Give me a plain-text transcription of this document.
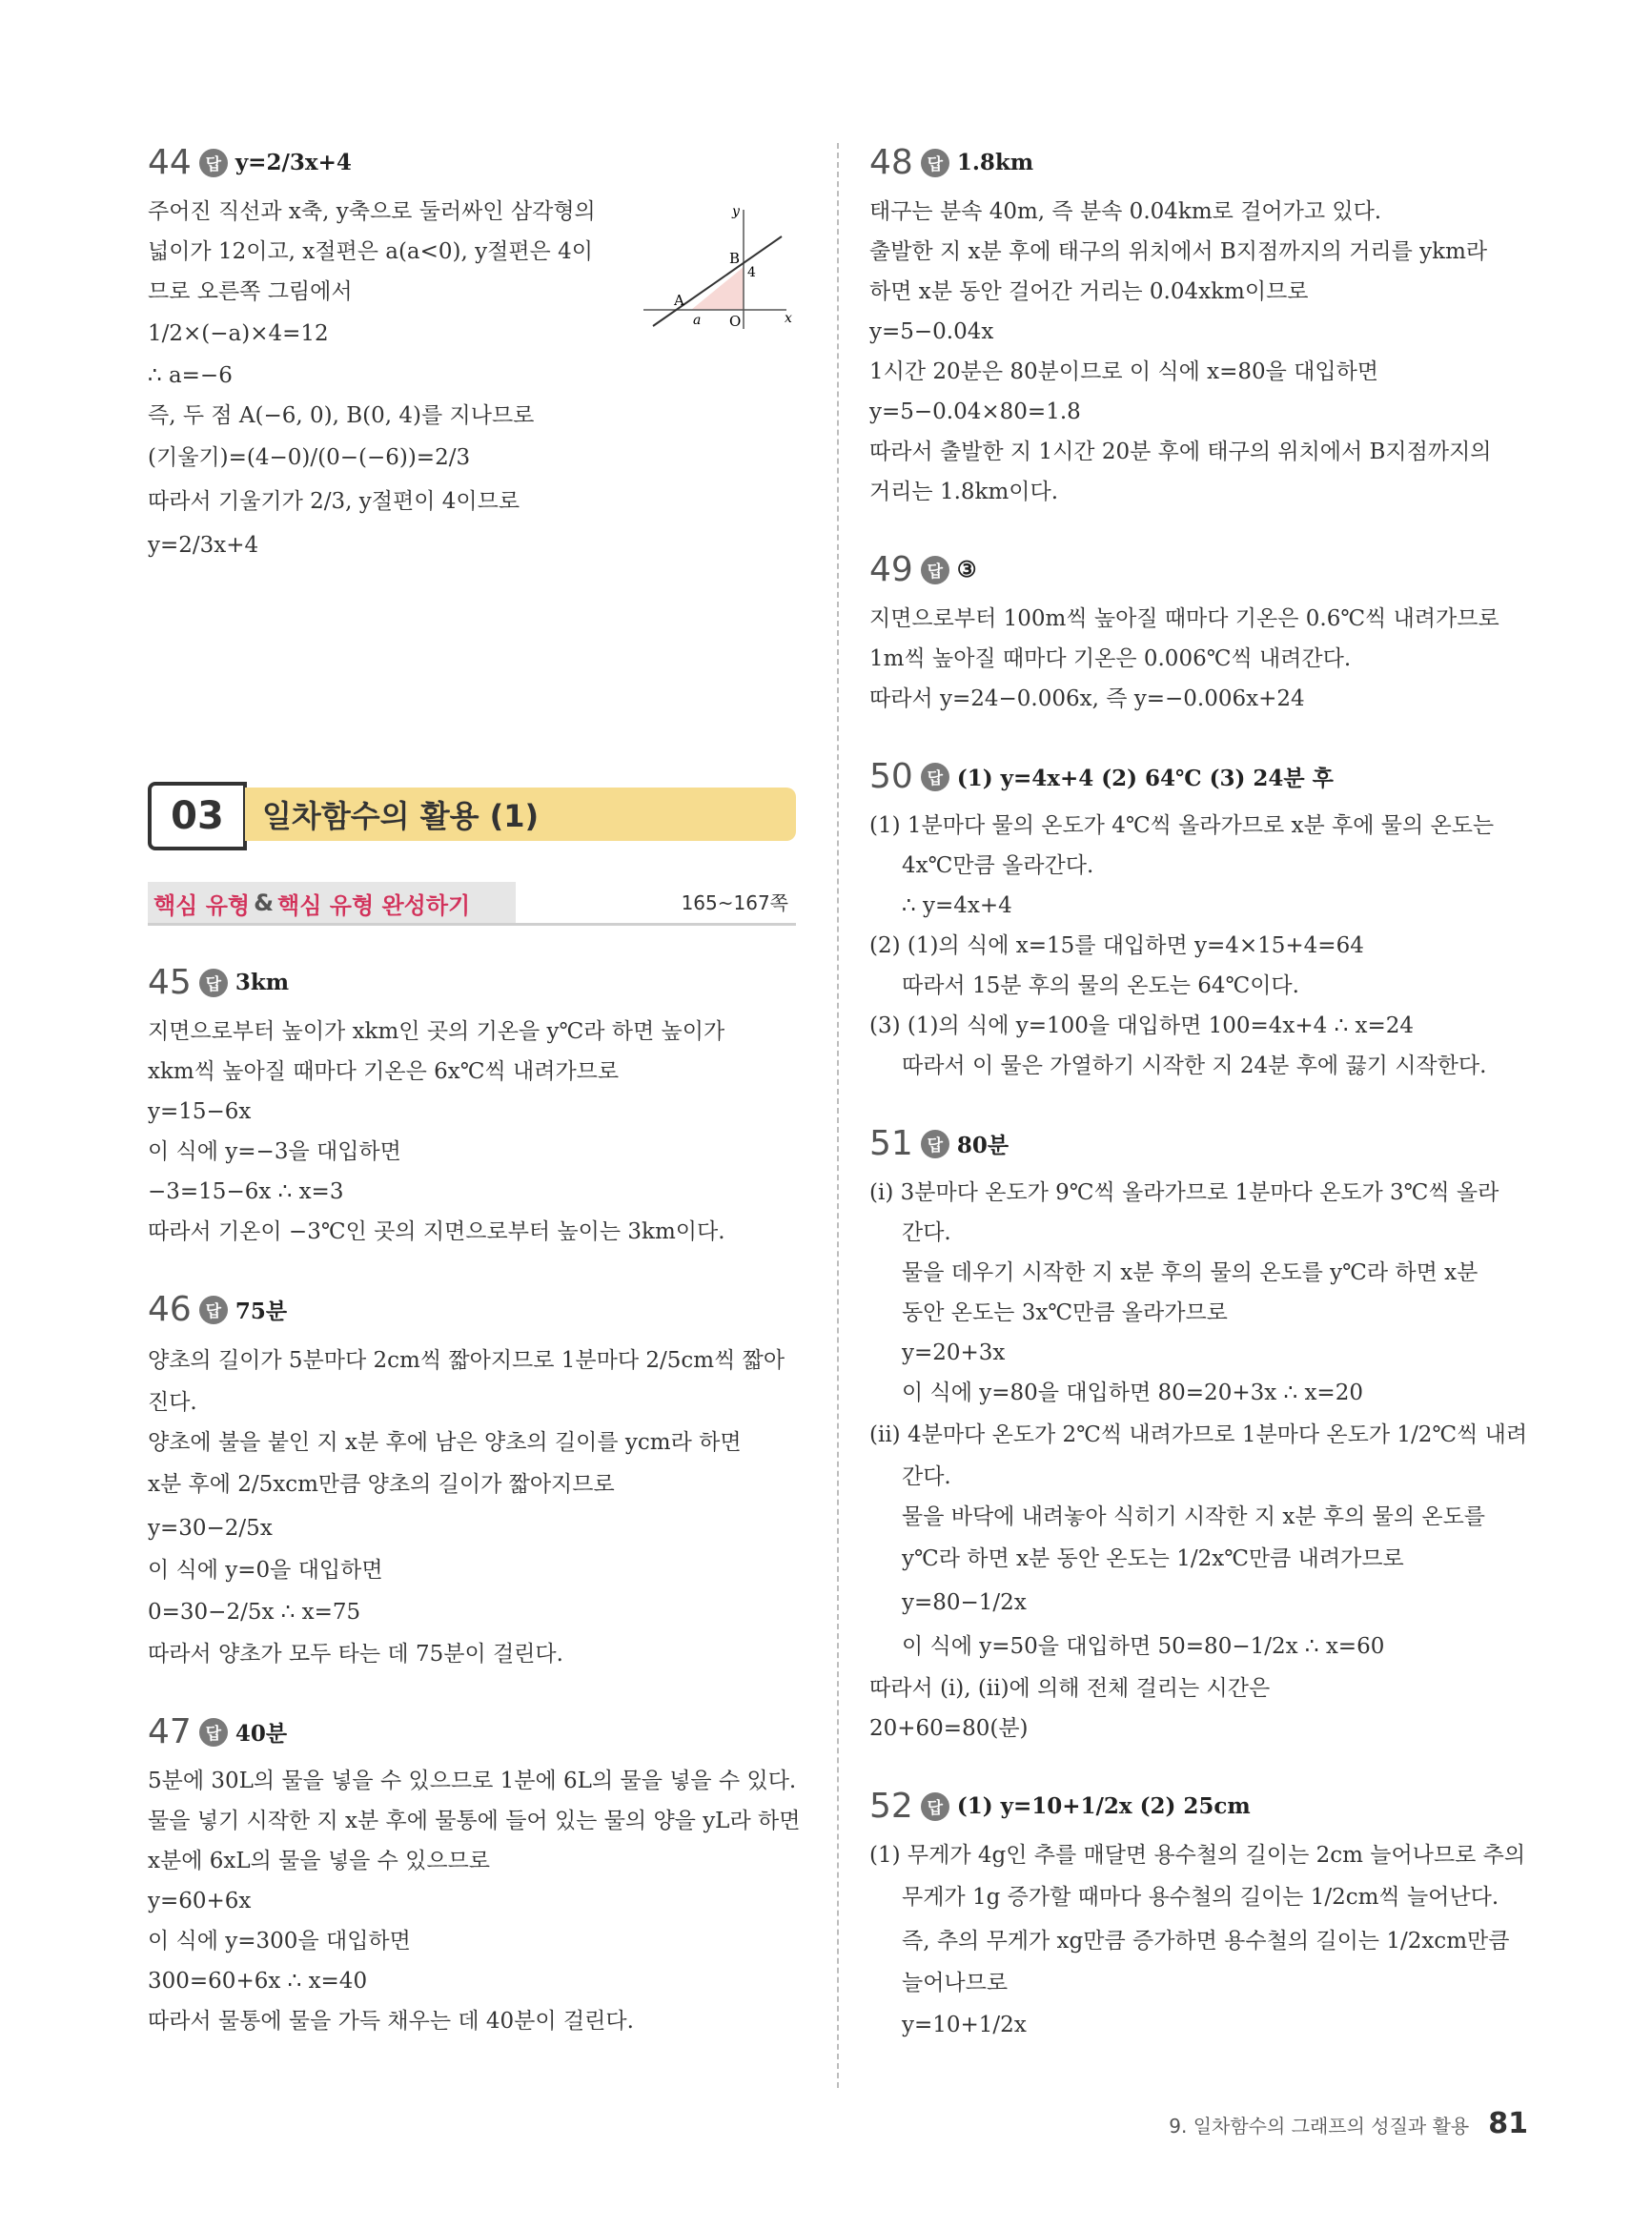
44 답 y=2/3x+4
주어진 직선과 x축, y축으로 둘러싸인 삼각형의
넓이가 12이고, x절편은 a(a<0), y절편은 4이
므로 오른쪽 그림에서
1/2×(−a)×4=12
∴ a=−6
즉, 두 점 A(−6, 0), B(0, 4)를 지나므로
(기울기)=(4−0)/(0−(−6))=2/3
따라서 기울기가 2/3, y절편이 4이므로
y=2/3x+4
y
x
O
A
B
4
a
03	일차함수의 활용 (1)
핵심 유형 & 핵심 유형 완성하기	165~167쪽
45 답 3km
지면으로부터 높이가 xkm인 곳의 기온을 y℃라 하면 높이가
xkm씩 높아질 때마다 기온은 6x℃씩 내려가므로
y=15−6x
이 식에 y=−3을 대입하면
−3=15−6x ∴ x=3
따라서 기온이 −3℃인 곳의 지면으로부터 높이는 3km이다.
46 답 75분
양초의 길이가 5분마다 2cm씩 짧아지므로 1분마다 2/5cm씩 짧아
진다.
양초에 불을 붙인 지 x분 후에 남은 양초의 길이를 ycm라 하면
x분 후에 2/5xcm만큼 양초의 길이가 짧아지므로
y=30−2/5x
이 식에 y=0을 대입하면
0=30−2/5x ∴ x=75
따라서 양초가 모두 타는 데 75분이 걸린다.
47 답 40분
5분에 30L의 물을 넣을 수 있으므로 1분에 6L의 물을 넣을 수 있다.
물을 넣기 시작한 지 x분 후에 물통에 들어 있는 물의 양을 yL라 하면
x분에 6xL의 물을 넣을 수 있으므로
y=60+6x
이 식에 y=300을 대입하면
300=60+6x ∴ x=40
따라서 물통에 물을 가득 채우는 데 40분이 걸린다.
48 답 1.8km
태구는 분속 40m, 즉 분속 0.04km로 걸어가고 있다.
출발한 지 x분 후에 태구의 위치에서 B지점까지의 거리를 ykm라
하면 x분 동안 걸어간 거리는 0.04xkm이므로
y=5−0.04x
1시간 20분은 80분이므로 이 식에 x=80을 대입하면
y=5−0.04×80=1.8
따라서 출발한 지 1시간 20분 후에 태구의 위치에서 B지점까지의
거리는 1.8km이다.
49 답 ③
지면으로부터 100m씩 높아질 때마다 기온은 0.6℃씩 내려가므로
1m씩 높아질 때마다 기온은 0.006℃씩 내려간다.
따라서 y=24−0.006x, 즉 y=−0.006x+24
50 답 (1) y=4x+4 (2) 64℃ (3) 24분 후
(1) 1분마다 물의 온도가 4℃씩 올라가므로 x분 후에 물의 온도는
4x℃만큼 올라간다.
∴ y=4x+4
(2) (1)의 식에 x=15를 대입하면 y=4×15+4=64
따라서 15분 후의 물의 온도는 64℃이다.
(3) (1)의 식에 y=100을 대입하면 100=4x+4 ∴ x=24
따라서 이 물은 가열하기 시작한 지 24분 후에 끓기 시작한다.
51 답 80분
(i) 3분마다 온도가 9℃씩 올라가므로 1분마다 온도가 3℃씩 올라
간다.
물을 데우기 시작한 지 x분 후의 물의 온도를 y℃라 하면 x분
동안 온도는 3x℃만큼 올라가므로
y=20+3x
이 식에 y=80을 대입하면 80=20+3x ∴ x=20
(ii) 4분마다 온도가 2℃씩 내려가므로 1분마다 온도가 1/2℃씩 내려
간다.
물을 바닥에 내려놓아 식히기 시작한 지 x분 후의 물의 온도를
y℃라 하면 x분 동안 온도는 1/2x℃만큼 내려가므로
y=80−1/2x
이 식에 y=50을 대입하면 50=80−1/2x ∴ x=60
따라서 (i), (ii)에 의해 전체 걸리는 시간은
20+60=80(분)
52 답 (1) y=10+1/2x (2) 25cm
(1) 무게가 4g인 추를 매달면 용수철의 길이는 2cm 늘어나므로 추의
무게가 1g 증가할 때마다 용수철의 길이는 1/2cm씩 늘어난다.
즉, 추의 무게가 xg만큼 증가하면 용수철의 길이는 1/2xcm만큼
늘어나므로
y=10+1/2x
9. 일차함수의 그래프의 성질과 활용 81
